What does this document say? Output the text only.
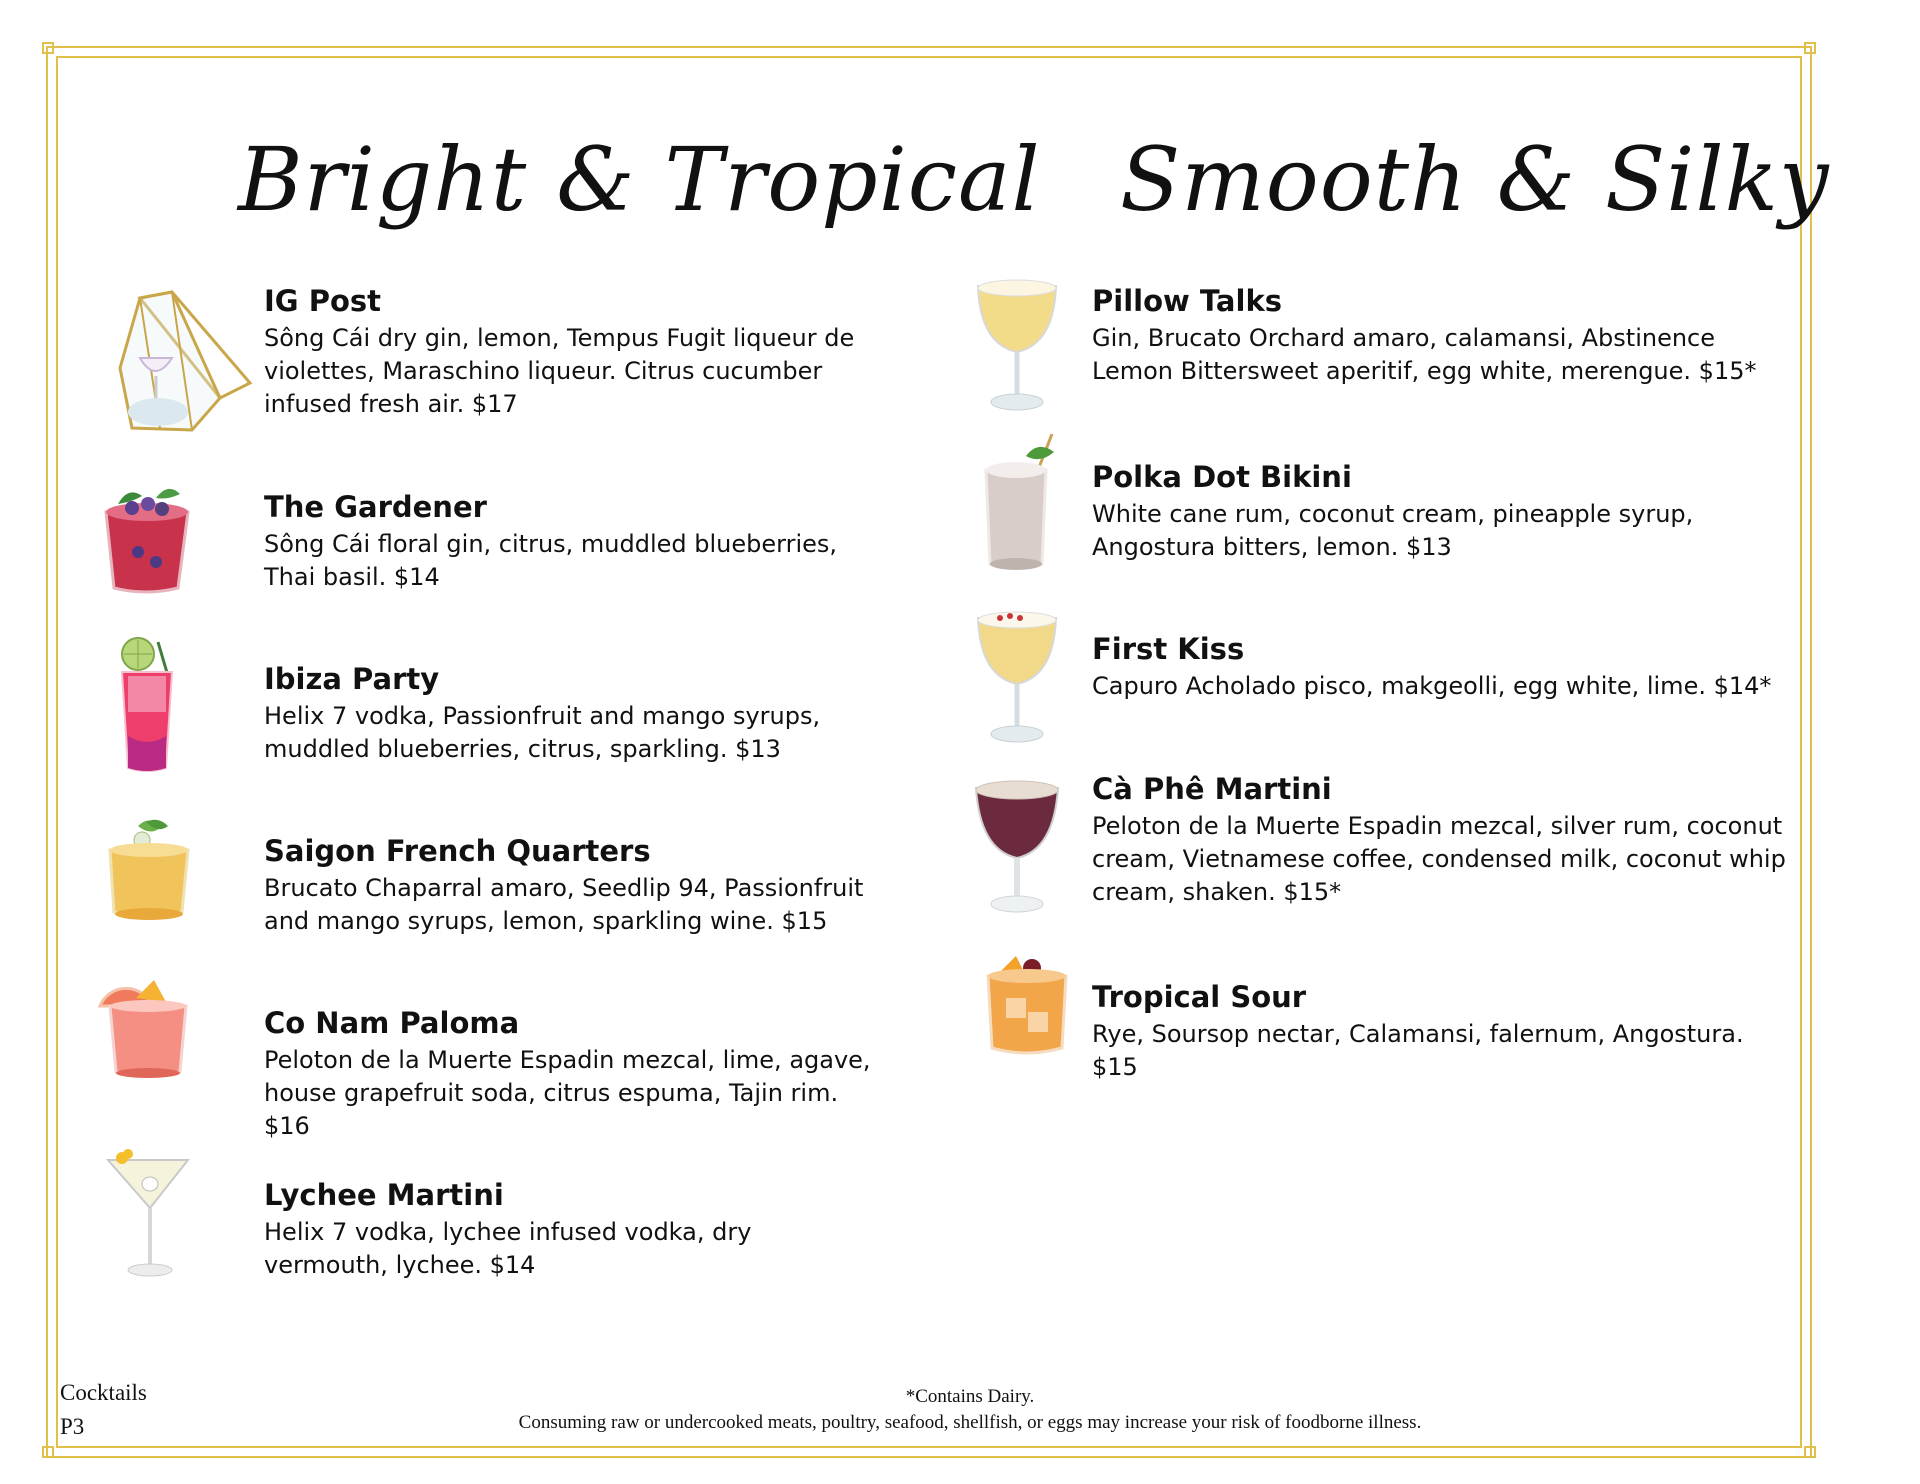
Bright & Tropical Smooth & Silky
IG Post
Sông Cái dry gin, lemon, Tempus Fugit liqueur de violettes, Maraschino liqueur. Citrus cucumber infused fresh air. $17
The Gardener
Sông Cái floral gin, citrus, muddled blueberries, Thai basil. $14
Ibiza Party
Helix 7 vodka, Passionfruit and mango syrups, muddled blueberries, citrus, sparkling. $13
Saigon French Quarters
Brucato Chaparral amaro, Seedlip 94, Passionfruit and mango syrups, lemon, sparkling wine. $15
Co Nam Paloma
Peloton de la Muerte Espadin mezcal, lime, agave, house grapefruit soda, citrus espuma, Tajin rim. $16
Lychee Martini
Helix 7 vodka, lychee infused vodka, dry vermouth, lychee. $14
Pillow Talks
Gin, Brucato Orchard amaro, calamansi, Abstinence Lemon Bittersweet aperitif, egg white, merengue. $15*
Polka Dot Bikini
White cane rum, coconut cream, pineapple syrup, Angostura bitters, lemon. $13
First Kiss
Capuro Acholado pisco, makgeolli, egg white, lime. $14*
Cà Phê Martini
Peloton de la Muerte Espadin mezcal, silver rum, coconut cream, Vietnamese coffee, condensed milk, coconut whip cream, shaken. $15*
Tropical Sour
Rye, Soursop nectar, Calamansi, falernum, Angostura. $15
Cocktails
P3
*Contains Dairy.
Consuming raw or undercooked meats, poultry, seafood, shellfish, or eggs may increase your risk of foodborne illness.
